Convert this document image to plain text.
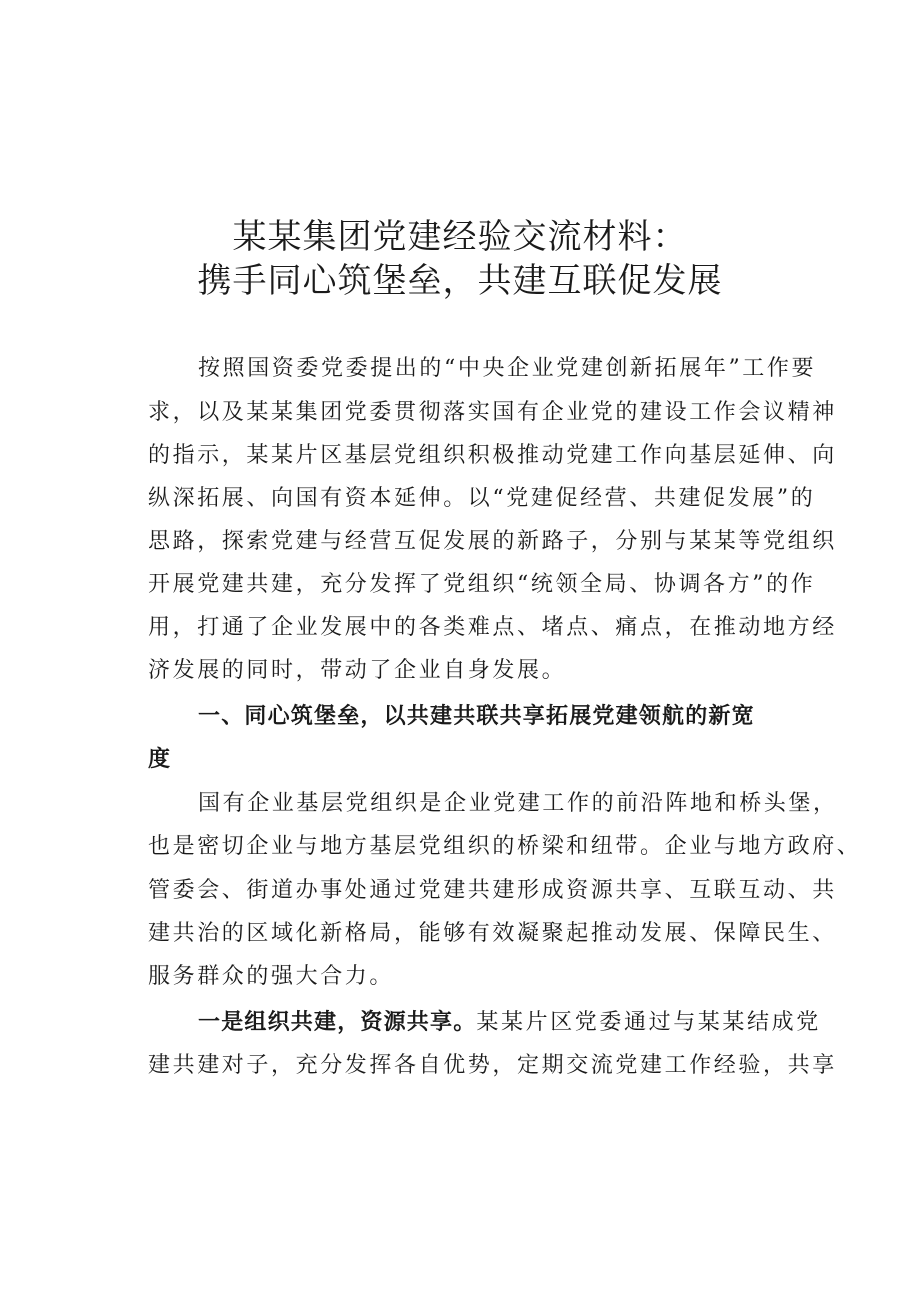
某某集团党建经验交流材料：
携手同心筑堡垒，共建互联促发展
按照国资委党委提出的“中央企业党建创新拓展年”工作要
求，以及某某集团党委贯彻落实国有企业党的建设工作会议精神
的指示，某某片区基层党组织积极推动党建工作向基层延伸、向
纵深拓展、向国有资本延伸。以“党建促经营、共建促发展”的
思路，探索党建与经营互促发展的新路子，分别与某某等党组织
开展党建共建，充分发挥了党组织“统领全局、协调各方”的作
用，打通了企业发展中的各类难点、堵点、痛点，在推动地方经
济发展的同时，带动了企业自身发展。
一、同心筑堡垒，以共建共联共享拓展党建领航的新宽
度
国有企业基层党组织是企业党建工作的前沿阵地和桥头堡，
也是密切企业与地方基层党组织的桥梁和纽带。企业与地方政府、
管委会、街道办事处通过党建共建形成资源共享、互联互动、共
建共治的区域化新格局，能够有效凝聚起推动发展、保障民生、
服务群众的强大合力。
一是组织共建，资源共享。某某片区党委通过与某某结成党
建共建对子，充分发挥各自优势，定期交流党建工作经验，共享
